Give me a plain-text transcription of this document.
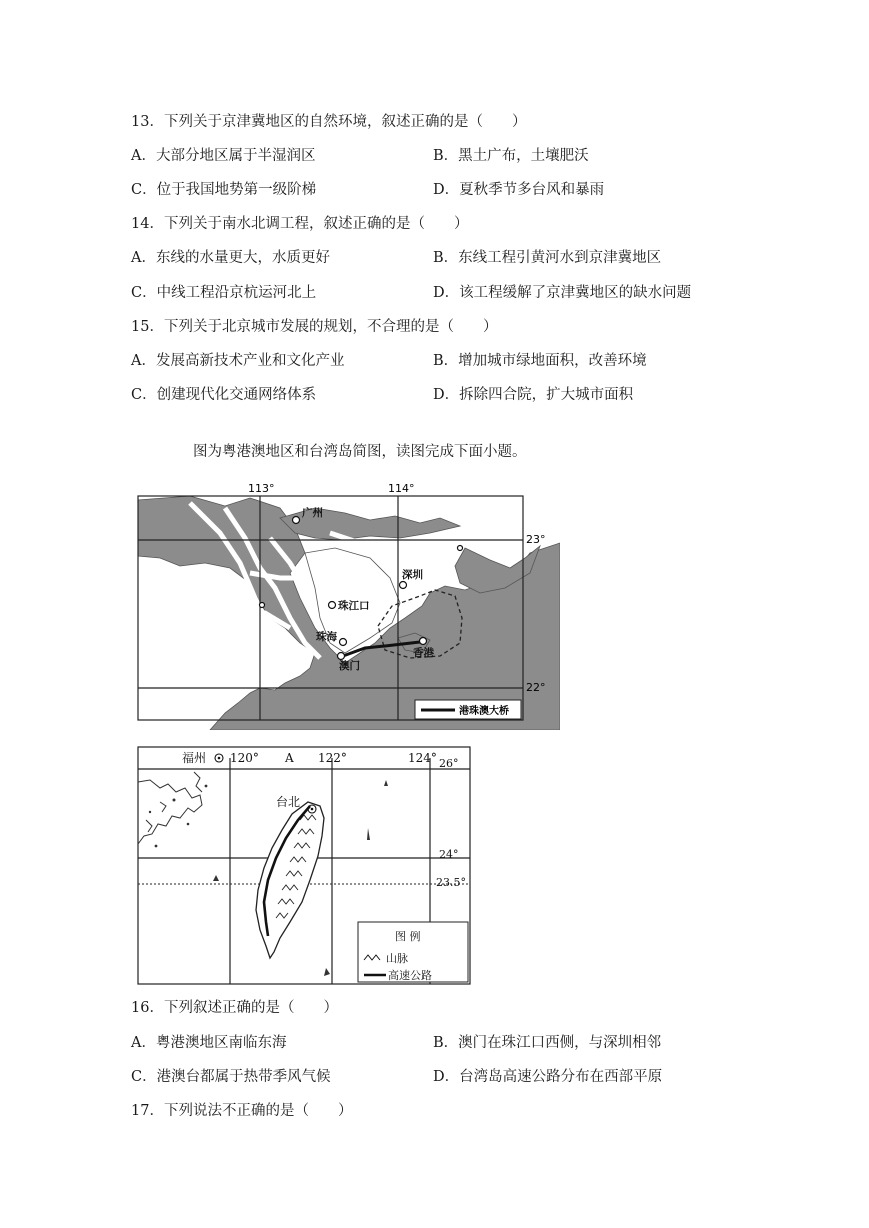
13．下列关于京津冀地区的自然环境，叙述正确的是（　　）
A．大部分地区属于半湿润区	B．黑土广布，土壤肥沃
C．位于我国地势第一级阶梯	D．夏秋季节多台风和暴雨
14．下列关于南水北调工程，叙述正确的是（　　）
A．东线的水量更大，水质更好	B．东线工程引黄河水到京津冀地区
C．中线工程沿京杭运河北上	D．该工程缓解了京津冀地区的缺水问题
15．下列关于北京城市发展的规划，不合理的是（　　）
A．发展高新技术产业和文化产业	B．增加城市绿地面积，改善环境
C．创建现代化交通网络体系	D．拆除四合院，扩大城市面积
图为粤港澳地区和台湾岛简图，读图完成下面小题。
113°	114°
23°
22°
广州
珠江口
深圳
珠海
香港
澳门
港珠澳大桥
福州 120° A 122°	124° 26°
24°
23.5°
台北
图 例
山脉
高速公路
16．下列叙述正确的是（　　）
A．粤港澳地区南临东海	B．澳门在珠江口西侧，与深圳相邻
C．港澳台都属于热带季风气候	D．台湾岛高速公路分布在西部平原
17．下列说法不正确的是（　　）
